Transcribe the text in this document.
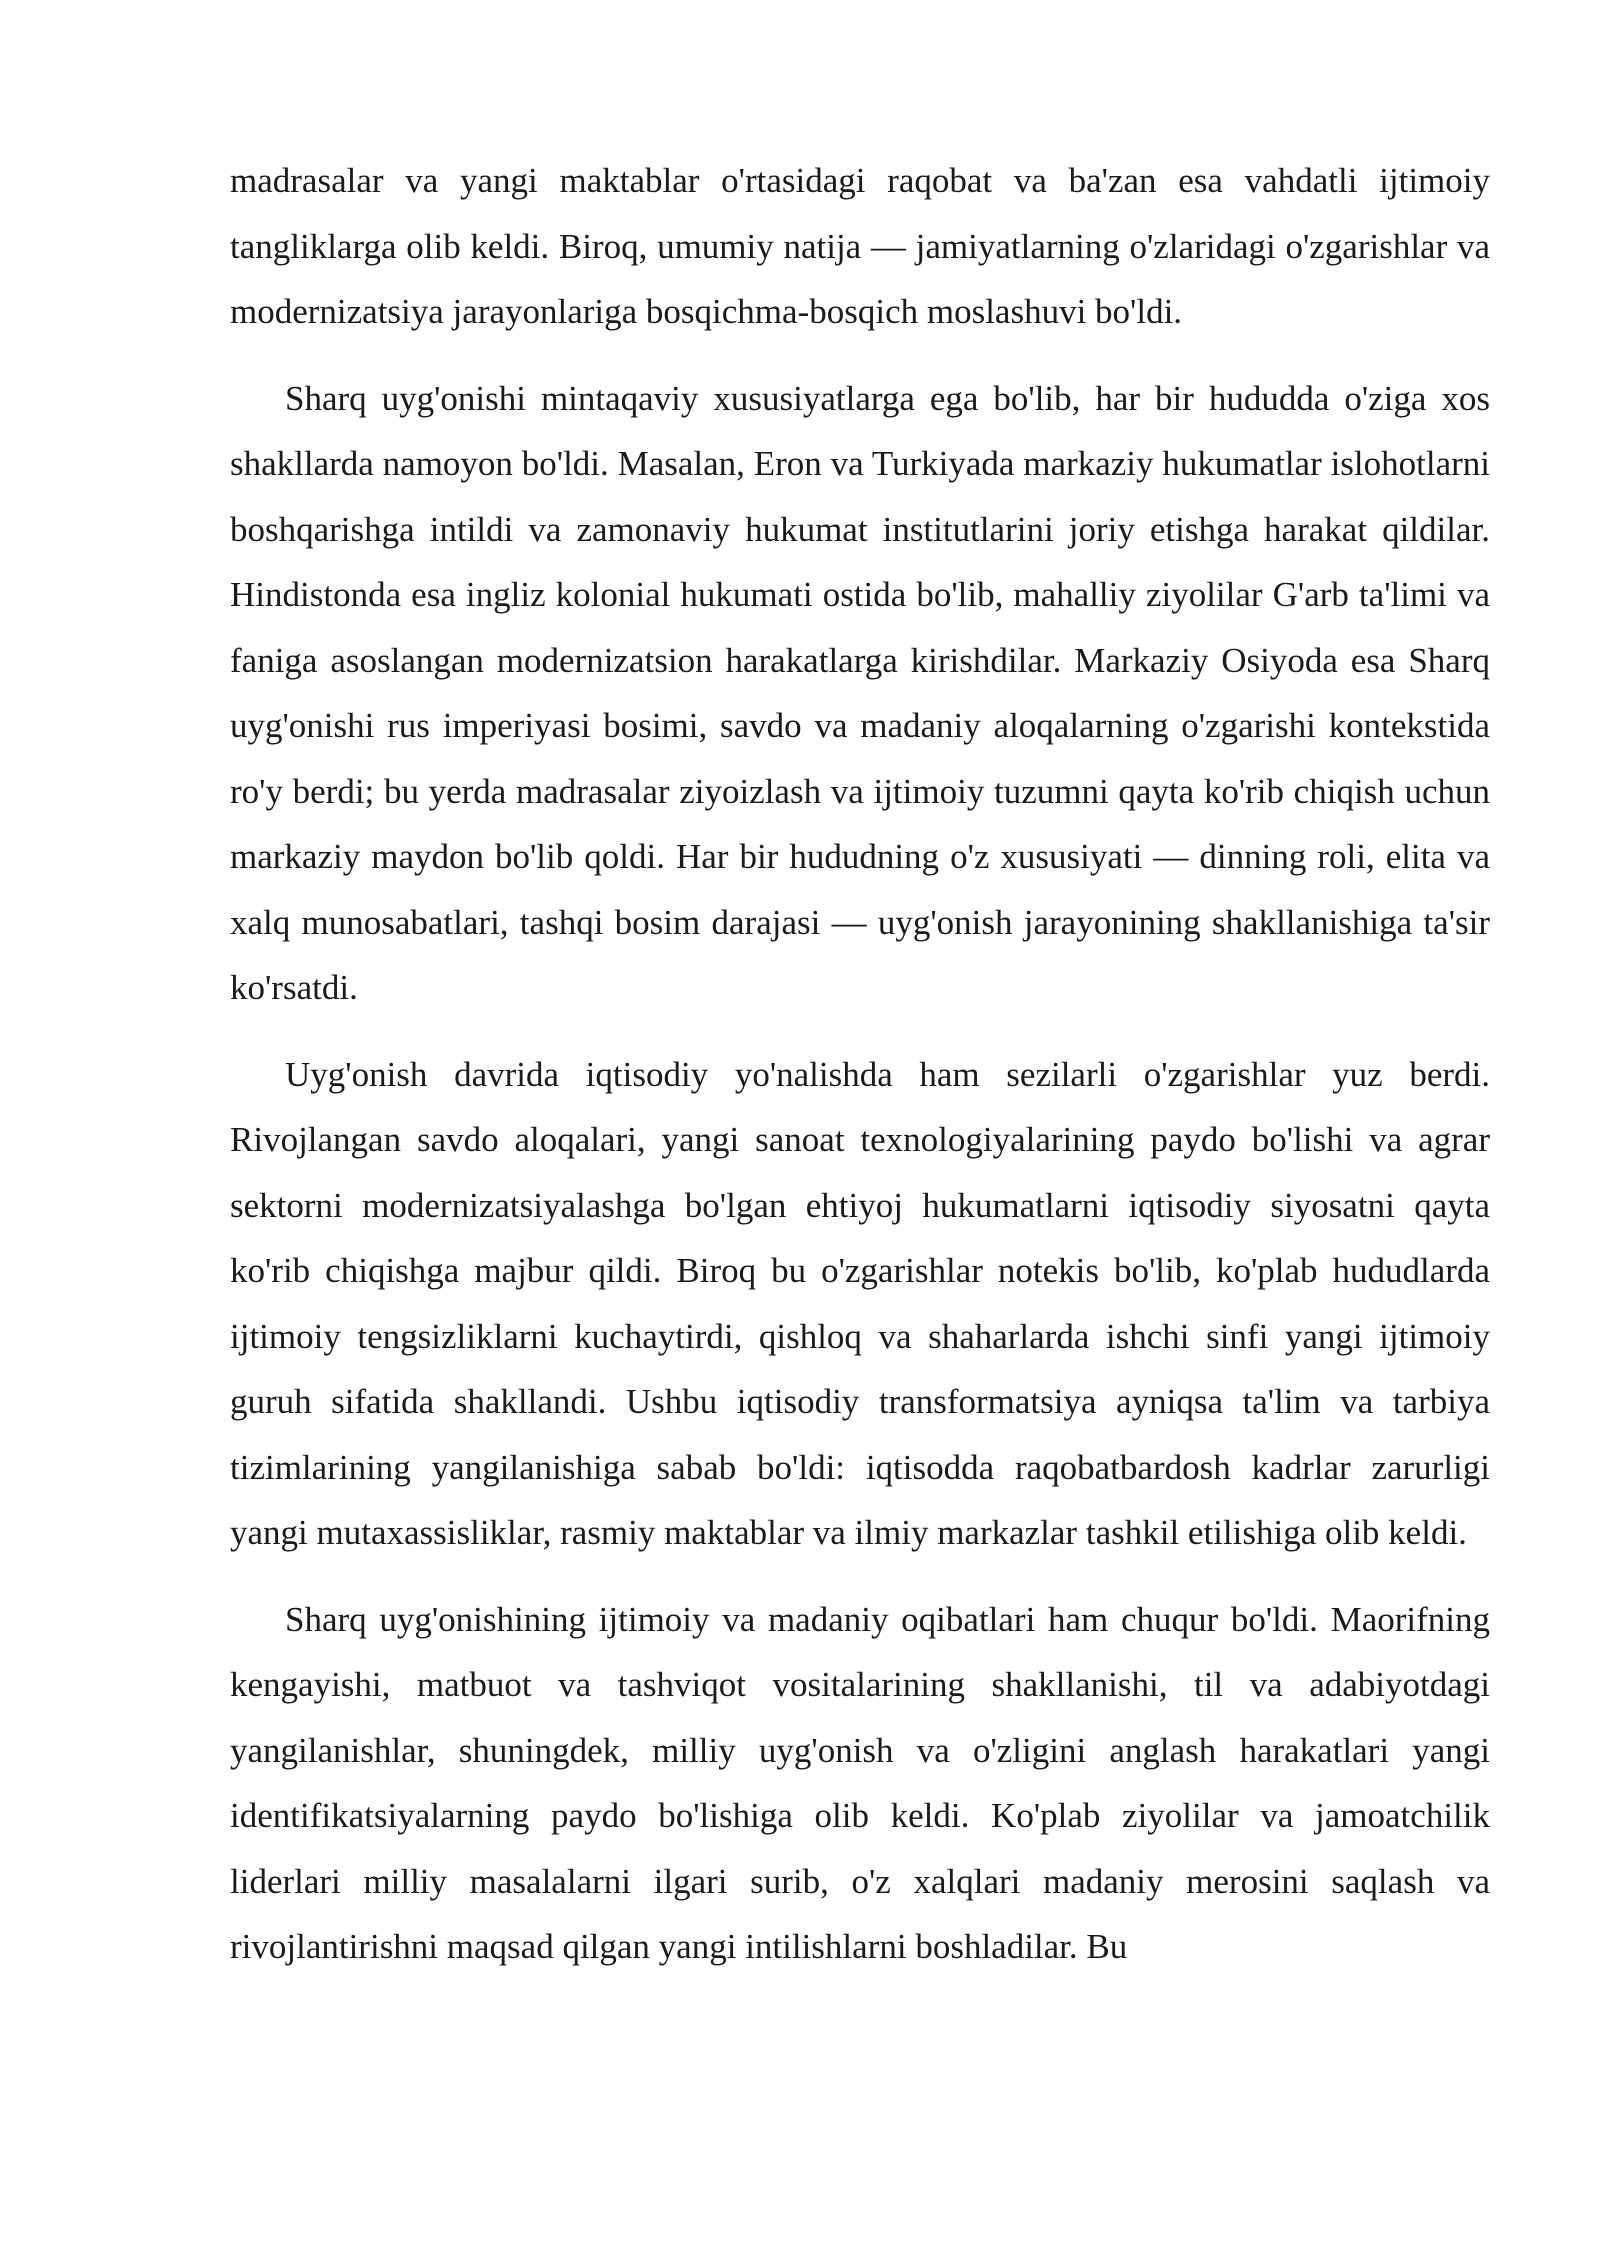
madrasalar va yangi maktablar o'rtasidagi raqobat va ba'zan esa vahdatli ijtimoiy tangliklarga olib keldi. Biroq, umumiy natija — jamiyatlarning o'zlaridagi o'zgarishlar va modernizatsiya jarayonlariga bosqichma-bosqich moslashuvi bo'ldi.

Sharq uyg'onishi mintaqaviy xususiyatlarga ega bo'lib, har bir hududda o'ziga xos shakllarda namoyon bo'ldi. Masalan, Eron va Turkiyada markaziy hukumatlar islohotlarni boshqarishga intildi va zamonaviy hukumat institutlarini joriy etishga harakat qildilar. Hindistonda esa ingliz kolonial hukumati ostida bo'lib, mahalliy ziyolilar G'arb ta'limi va faniga asoslangan modernizatsion harakatlarga kirishdilar. Markaziy Osiyoda esa Sharq uyg'onishi rus imperiyasi bosimi, savdo va madaniy aloqalarning o'zgarishi kontekstida ro'y berdi; bu yerda madrasalar ziyoizlash va ijtimoiy tuzumni qayta ko'rib chiqish uchun markaziy maydon bo'lib qoldi. Har bir hududning o'z xususiyati — dinning roli, elita va xalq munosabatlari, tashqi bosim darajasi — uyg'onish jarayonining shakllanishiga ta'sir ko'rsatdi.

Uyg'onish davrida iqtisodiy yo'nalishda ham sezilarli o'zgarishlar yuz berdi. Rivojlangan savdo aloqalari, yangi sanoat texnologiyalarining paydo bo'lishi va agrar sektorni modernizatsiyalashga bo'lgan ehtiyoj hukumatlarni iqtisodiy siyosatni qayta ko'rib chiqishga majbur qildi. Biroq bu o'zgarishlar notekis bo'lib, ko'plab hududlarda ijtimoiy tengsizliklarni kuchaytirdi, qishloq va shaharlarda ishchi sinfi yangi ijtimoiy guruh sifatida shakllandi. Ushbu iqtisodiy transformatsiya ayniqsa ta'lim va tarbiya tizimlarining yangilanishiga sabab bo'ldi: iqtisodda raqobatbardosh kadrlar zarurligi yangi mutaxassisliklar, rasmiy maktablar va ilmiy markazlar tashkil etilishiga olib keldi.

Sharq uyg'onishining ijtimoiy va madaniy oqibatlari ham chuqur bo'ldi. Maorifning kengayishi, matbuot va tashviqot vositalarining shakllanishi, til va adabiyotdagi yangilanishlar, shuningdek, milliy uyg'onish va o'zligini anglash harakatlari yangi identifikatsiyalarning paydo bo'lishiga olib keldi. Ko'plab ziyolilar va jamoatchilik liderlari milliy masalalarni ilgari surib, o'z xalqlari madaniy merosini saqlash va rivojlantirishni maqsad qilgan yangi intilishlarni boshladilar. Bu
